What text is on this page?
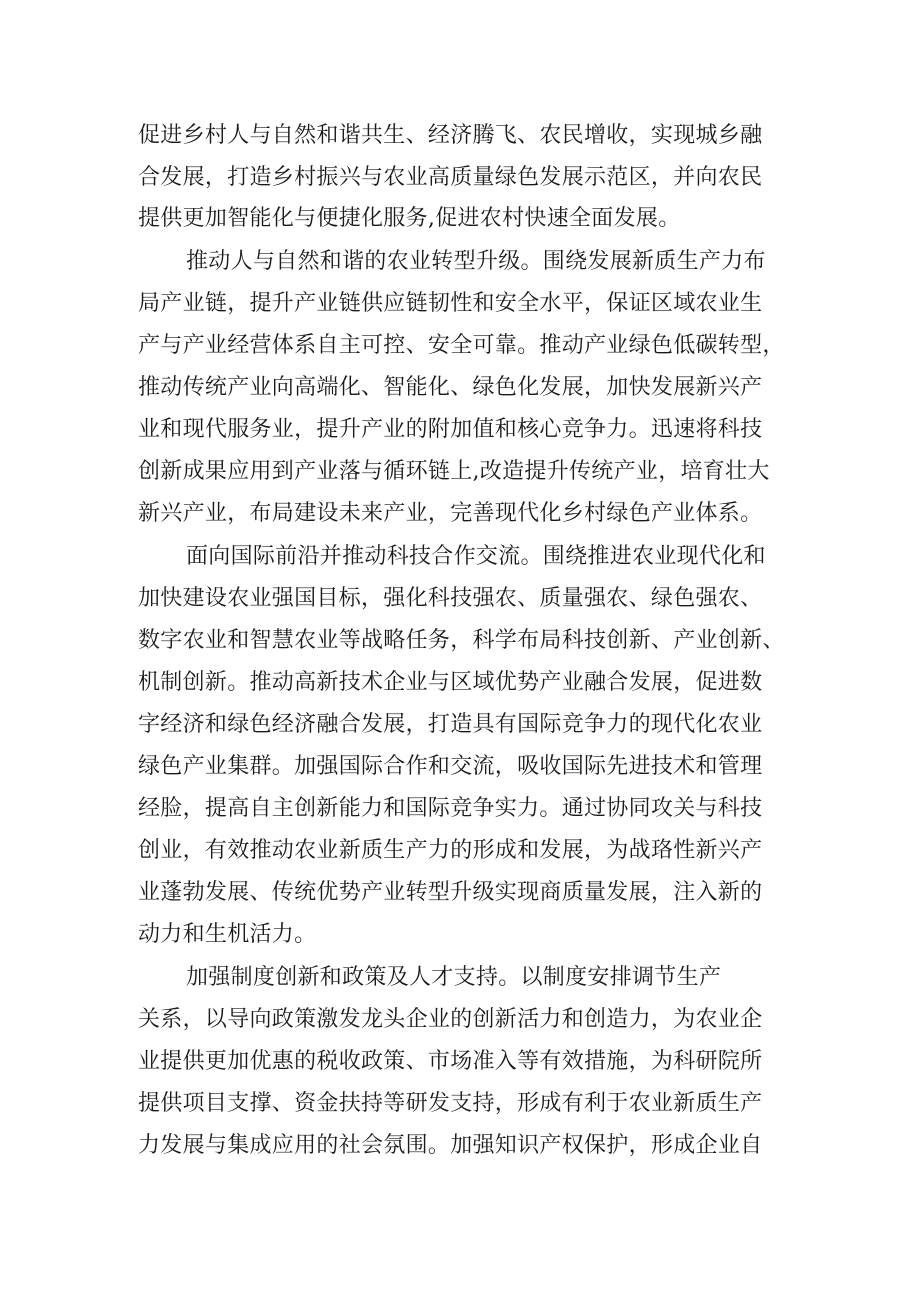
促进乡村人与自然和谐共生、经济腾飞、农民增收，实现城乡融
合发展，打造乡村振兴与农业高质量绿色发展示范区，并向农民
提供更加智能化与便捷化服务,促进农村快速全面发展。
推动人与自然和谐的农业转型升级。围绕发展新质生产力布
局产业链，提升产业链供应链韧性和安全水平，保证区域农业生
产与产业经营体系自主可控、安全可靠。推动产业绿色低碳转型，
推动传统产业向高端化、智能化、绿色化发展，加快发展新兴产
业和现代服务业，提升产业的附加值和核心竞争力。迅速将科技
创新成果应用到产业落与循环链上,改造提升传统产业，培育壮大
新兴产业，布局建设未来产业，完善现代化乡村绿色产业体系。
面向国际前沿并推动科技合作交流。围绕推进农业现代化和
加快建设农业强国目标，强化科技强农、质量强农、绿色强农、
数字农业和智慧农业等战略任务，科学布局科技创新、产业创新、
机制创新。推动高新技术企业与区域优势产业融合发展，促进数
字经济和绿色经济融合发展，打造具有国际竞争力的现代化农业
绿色产业集群。加强国际合作和交流，吸收国际先进技术和管理
经脸，提高自主创新能力和国际竞争实力。通过协同攻关与科技
创业，有效推动农业新质生产力的形成和发展，为战珞性新兴产
业蓬勃发展、传统优势产业转型升级实现商质量发展，注入新的
动力和生机活力。
加强制度创新和政策及人才支持。以制度安排调节生产
关系，以导向政策激发龙头企业的创新活力和创造力，为农业企
业提供更加优惠的税收政策、市场准入等有效措施，为科研院所
提供项目支撑、资金扶持等研发支持，形成有利于农业新质生产
力发展与集成应用的社会氛围。加强知识产权保护，形成企业自
